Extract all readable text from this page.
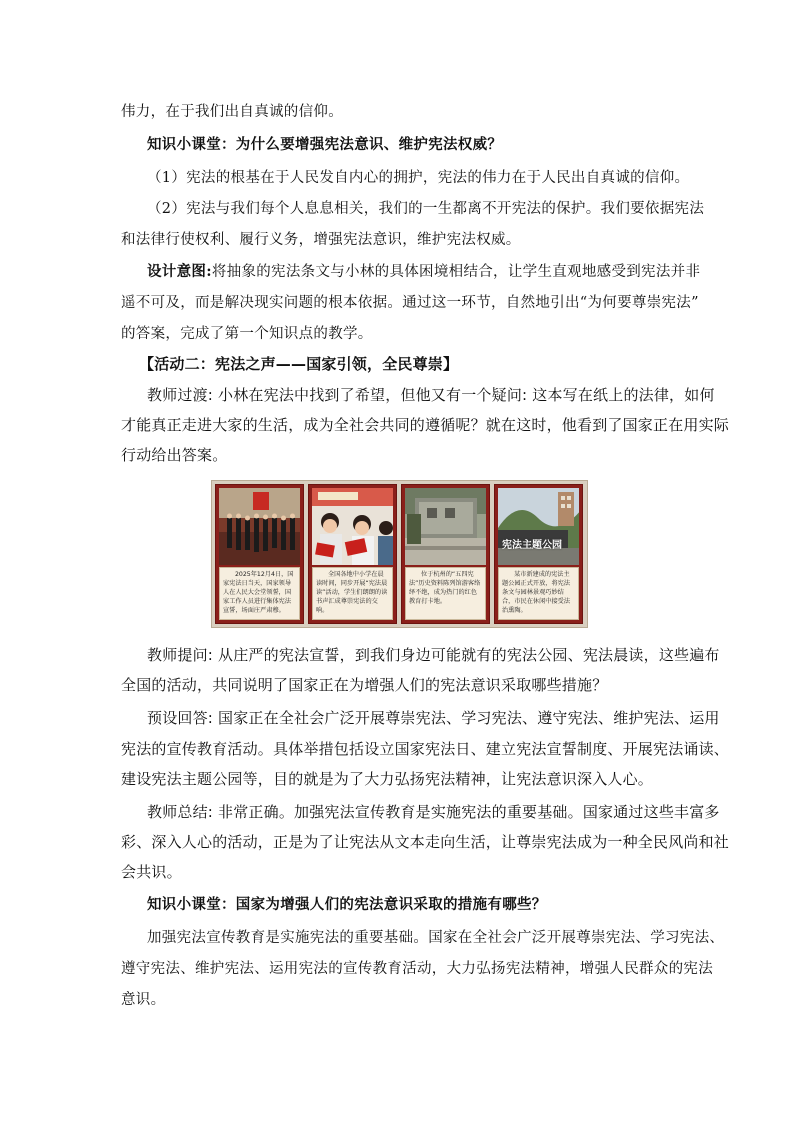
伟力，在于我们出自真诚的信仰。
知识小课堂：为什么要增强宪法意识、维护宪法权威？
（1）宪法的根基在于人民发自内心的拥护，宪法的伟力在于人民出自真诚的信仰。
（2）宪法与我们每个人息息相关，我们的一生都离不开宪法的保护。我们要依据宪法
和法律行使权利、履行义务，增强宪法意识，维护宪法权威。
设计意图:将抽象的宪法条文与小林的具体困境相结合，让学生直观地感受到宪法并非
遥不可及，而是解决现实问题的根本依据。通过这一环节，自然地引出“为何要尊崇宪法”
的答案，完成了第一个知识点的教学。
【活动二：宪法之声——国家引领，全民尊崇】
教师过渡: 小林在宪法中找到了希望，但他又有一个疑问: 这本写在纸上的法律，如何
才能真正走进大家的生活，成为全社会共同的遵循呢？就在这时，他看到了国家正在用实际
行动给出答案。
2025年12月4日，国家宪法日当天，国家领导人在人民大会堂领誓，国家工作人员进行集体宪法宣誓，场面庄严肃穆。
全国各地中小学在晨读时间，同步开展“宪法晨读”活动，学生们朗朗的读书声汇成尊崇宪法的交响。
位于杭州的“五四宪法”历史资料陈列馆游客络绎不绝，成为热门的红色教育打卡地。
宪法主题公园
某市新建成的宪法主题公园正式开放，将宪法条文与园林景观巧妙结合，市民在休闲中接受法治熏陶。
教师提问: 从庄严的宪法宣誓，到我们身边可能就有的宪法公园、宪法晨读，这些遍布
全国的活动，共同说明了国家正在为增强人们的宪法意识采取哪些措施？
预设回答: 国家正在全社会广泛开展尊崇宪法、学习宪法、遵守宪法、维护宪法、运用
宪法的宣传教育活动。具体举措包括设立国家宪法日、建立宪法宣誓制度、开展宪法诵读、
建设宪法主题公园等，目的就是为了大力弘扬宪法精神，让宪法意识深入人心。
教师总结: 非常正确。加强宪法宣传教育是实施宪法的重要基础。国家通过这些丰富多
彩、深入人心的活动，正是为了让宪法从文本走向生活，让尊崇宪法成为一种全民风尚和社
会共识。
知识小课堂：国家为增强人们的宪法意识采取的措施有哪些？
加强宪法宣传教育是实施宪法的重要基础。国家在全社会广泛开展尊崇宪法、学习宪法、
遵守宪法、维护宪法、运用宪法的宣传教育活动，大力弘扬宪法精神，增强人民群众的宪法
意识。
